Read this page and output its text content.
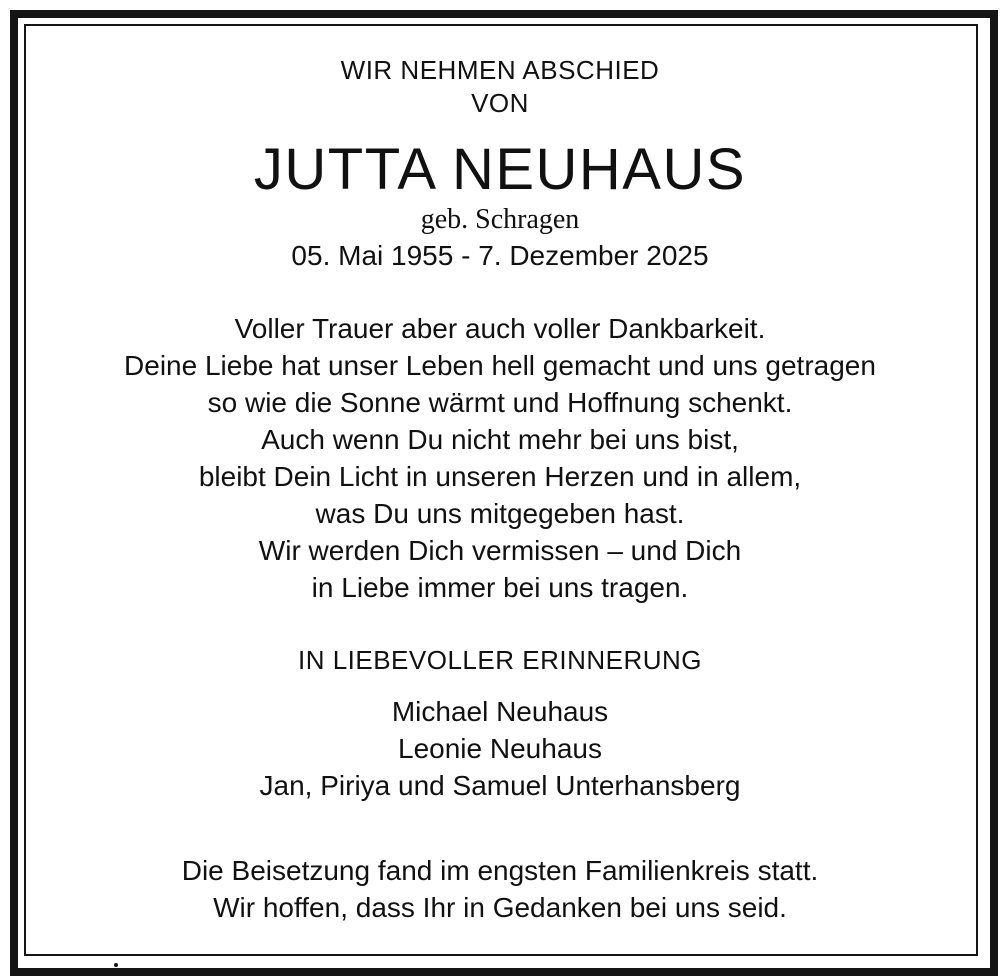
WIR NEHMEN ABSCHIED
VON
JUTTA NEUHAUS
geb. Schragen
05. Mai 1955 - 7. Dezember 2025
Voller Trauer aber auch voller Dankbarkeit.
Deine Liebe hat unser Leben hell gemacht und uns getragen
so wie die Sonne wärmt und Hoffnung schenkt.
Auch wenn Du nicht mehr bei uns bist,
bleibt Dein Licht in unseren Herzen und in allem,
was Du uns mitgegeben hast.
Wir werden Dich vermissen – und Dich
in Liebe immer bei uns tragen.
IN LIEBEVOLLER ERINNERUNG
Michael Neuhaus
Leonie Neuhaus
Jan, Piriya und Samuel Unterhansberg
Die Beisetzung fand im engsten Familienkreis statt.
Wir hoffen, dass Ihr in Gedanken bei uns seid.
